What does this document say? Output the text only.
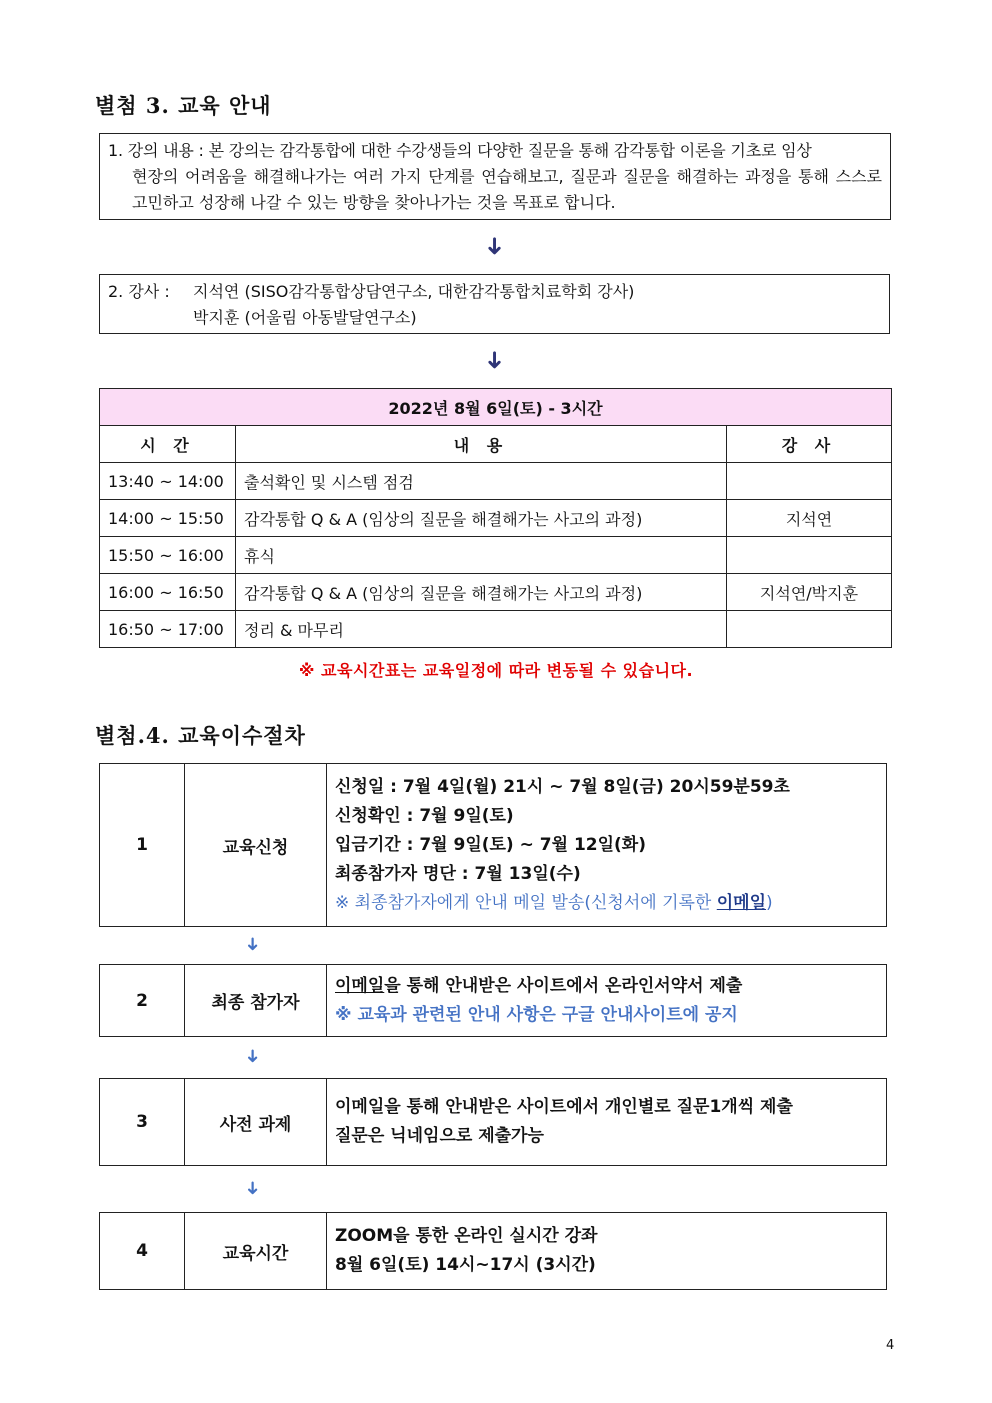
별첨 3. 교육 안내
1. 강의 내용 : 본 강의는 감각통합에 대한 수강생들의 다양한 질문을 통해 감각통합 이론을 기초로 임상
현장의 어려움을 해결해나가는 여러 가지 단계를 연습해보고, 질문과 질문을 해결하는 과정을 통해 스스로 고민하고 성장해 나갈 수 있는 방향을 찾아나가는 것을 목표로 합니다.
➜
2. 강사 :	지석연 (SISO감각통합상담연구소, 대한감각통합치료학회 강사)
박지훈 (어울림 아동발달연구소)
➜
2022년 8월 6일(토) - 3시간		
시 간	내 용	강 사
13:40 ~ 14:00	출석확인 및 시스템 점검	
14:00 ~ 15:50	감각통합 Q & A (임상의 질문을 해결해가는 사고의 과정)	지석연
15:50 ~ 16:00	휴식	
16:00 ~ 16:50	감각통합 Q & A (임상의 질문을 해결해가는 사고의 과정)	지석연/박지훈
16:50 ~ 17:00	정리 & 마무리	
※ 교육시간표는 교육일정에 따라 변동될 수 있습니다.
별첨.4. 교육이수절차
1	교육신청	
신청일 : 7월 4일(월) 21시 ~ 7월 8일(금) 20시59분59초
신청확인 : 7월 9일(토)
입금기간 : 7월 9일(토) ~ 7월 12일(화)
최종참가자 명단 : 7월 13일(수)
※ 최종참가자에게 안내 메일 발송(신청서에 기록한 이메일)
➜
2	최종 참가자	
이메일을 통해 안내받은 사이트에서 온라인서약서 제출
※ 교육과 관련된 안내 사항은 구글 안내사이트에 공지
➜
3	사전 과제	
이메일을 통해 안내받은 사이트에서 개인별로 질문1개씩 제출
질문은 닉네임으로 제출가능
➜
4	교육시간	
ZOOM을 통한 온라인 실시간 강좌
8월 6일(토) 14시~17시 (3시간)
4
